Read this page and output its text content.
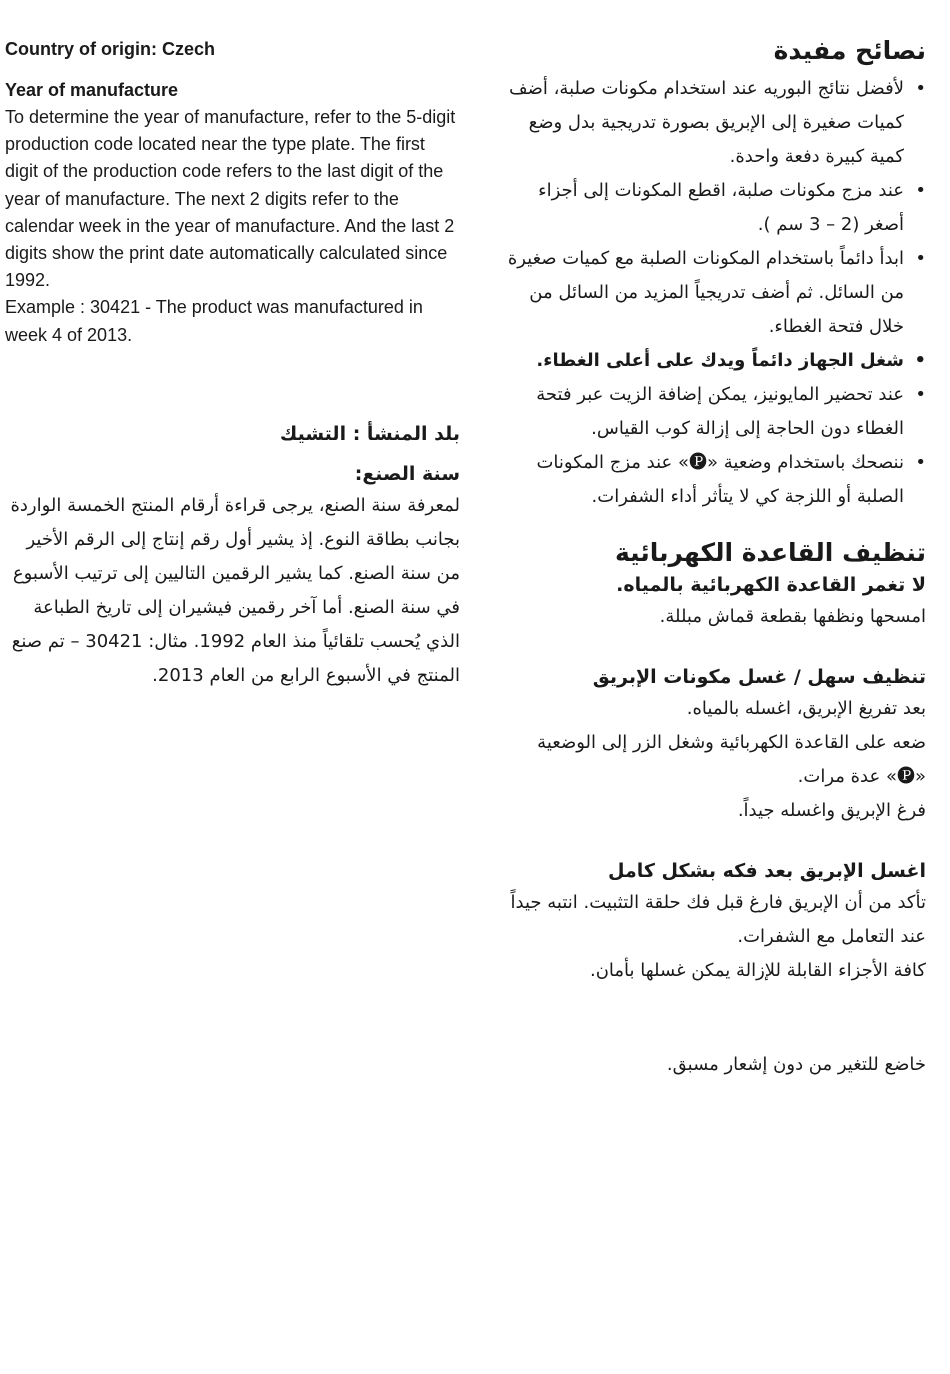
Country of origin: Czech

Year of manufacture

To determine the year of manufacture, refer to the 5-digit production code located near the type plate. The first digit of the production code refers to the last digit of the year of manufacture. The next 2 digits refer to the calendar week in the year of manufacture. And the last 2 digits show the print date automatically calculated since 1992.

Example : 30421 - The product was manufactured in week 4 of 2013.

بلد المنشأ : التشيك

سنة الصنع:

لمعرفة سنة الصنع، يرجى قراءة أرقام المنتج الخمسة الواردة بجانب بطاقة النوع. إذ يشير أول رقم إنتاج إلى الرقم الأخير من سنة الصنع. كما يشير الرقمين التاليين إلى ترتيب الأسبوع في سنة الصنع. أما آخر رقمين فيشيران إلى تاريخ الطباعة الذي يُحسب تلقائياً منذ العام 1992. مثال: 30421 – تم صنع المنتج في الأسبوع الرابع من العام 2013.

نصائح مفيدة

•
لأفضل نتائج البوريه عند استخدام مكونات صلبة، أضف كميات صغيرة إلى الإبريق بصورة تدريجية بدل وضع كمية كبيرة دفعة واحدة.
•
عند مزج مكونات صلبة، اقطع المكونات إلى أجزاء أصغر (2 – 3 سم ).
•
ابدأ دائماً باستخدام المكونات الصلبة مع كميات صغيرة من السائل. ثم أضف تدريجياً المزيد من السائل من خلال فتحة الغطاء.
•
شغل الجهاز دائماً ويدك على أعلى الغطاء.
•
عند تحضير المايونيز، يمكن إضافة الزيت عبر فتحة الغطاء دون الحاجة إلى إزالة كوب القياس.
•
ننصحك باستخدام وضعية «🅟» عند مزج المكونات الصلبة أو اللزجة كي لا يتأثر أداء الشفرات.

تنظيف القاعدة الكهربائية

لا تغمر القاعدة الكهربائية بالمياه.

امسحها ونظفها بقطعة قماش مبللة.

تنظيف سهل / غسل مكونات الإبريق

بعد تفريغ الإبريق، اغسله بالمياه.

ضعه على القاعدة الكهربائية وشغل الزر إلى الوضعية «🅟» عدة مرات.

فرغ الإبريق واغسله جيداً.

اغسل الإبريق بعد فكه بشكل كامل

تأكد من أن الإبريق فارغ قبل فك حلقة التثبيت. انتبه جيداً عند التعامل مع الشفرات.

كافة الأجزاء القابلة للإزالة يمكن غسلها بأمان.

خاضع للتغير من دون إشعار مسبق.
